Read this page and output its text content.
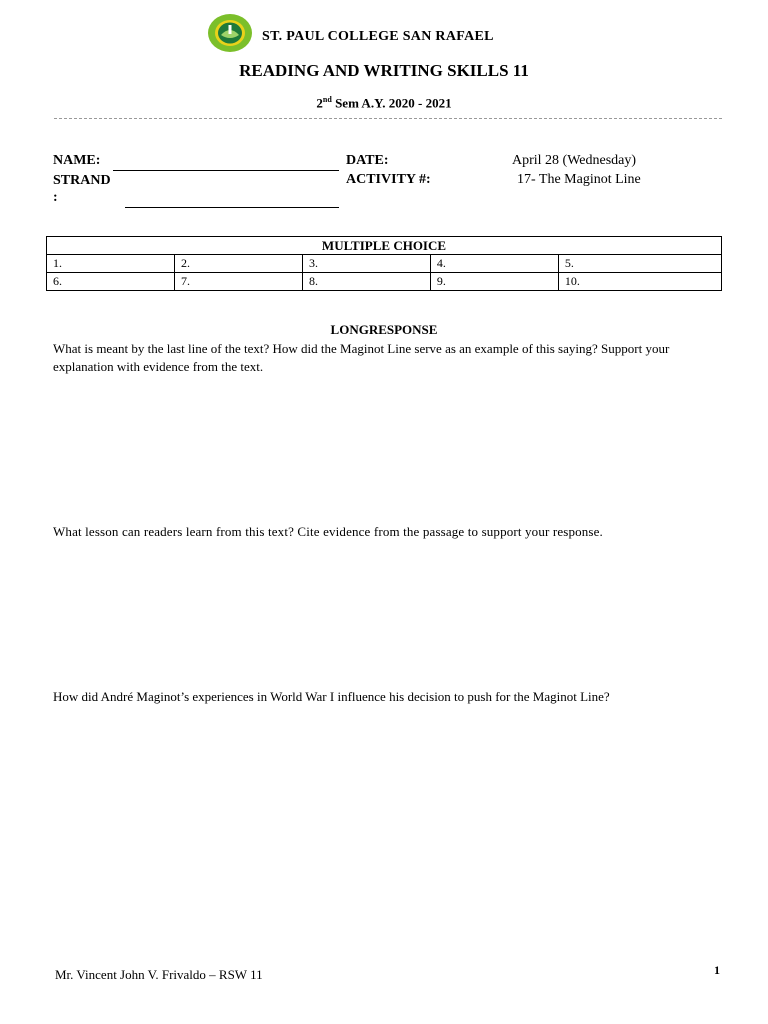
ST. PAUL COLLEGE SAN RAFAEL
READING AND WRITING SKILLS 11
2nd Sem A.Y. 2020 - 2021
NAME:
STRAND
:
DATE:	April 28 (Wednesday)
ACTIVITY #:	17- The Maginot Line
MULTIPLE CHOICE				
1.	2.	3.	4.	5.
6.	7.	8.	9.	10.
LONGRESPONSE
What is meant by the last line of the text? How did the Maginot Line serve as an example of this saying? Support your explanation with evidence from the text.
What lesson can readers learn from this text? Cite evidence from the passage to support your response.
How did André Maginot’s experiences in World War I influence his decision to push for the Maginot Line?
Mr. Vincent John V. Frivaldo – RSW 11	1
